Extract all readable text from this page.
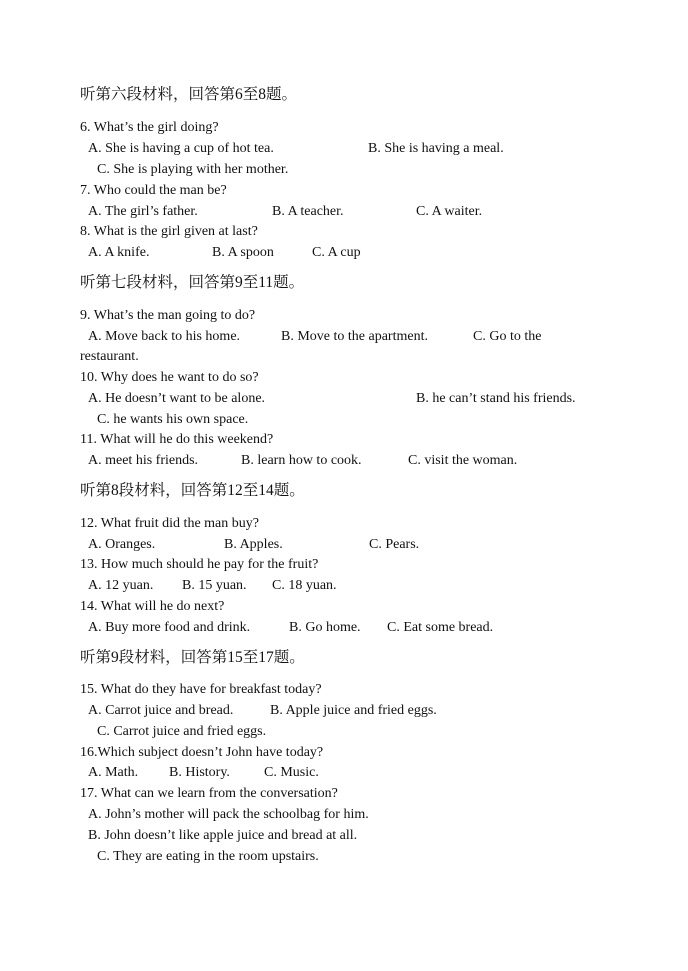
听第六段材料，回答第6至8题。
6. What’s the girl doing?
A. She is having a cup of hot tea.	B. She is having a meal.
C. She is playing with her mother.
7. Who could the man be?
A. The girl’s father.	B. A teacher.	C. A waiter.
8. What is the girl given at last?
A. A knife.	B. A spoon	C. A cup
听第七段材料，回答第9至11题。
9. What’s the man going to do?
A. Move back to his home.	B. Move to the apartment.	C. Go to the
restaurant.
10. Why does he want to do so?
A. He doesn’t want to be alone.	B. he can’t stand his friends.
C. he wants his own space.
11. What will he do this weekend?
A. meet his friends.	B. learn how to cook.	C. visit the woman.
听第8段材料，回答第12至14题。
12. What fruit did the man buy?
A. Oranges.	B. Apples.	C. Pears.
13. How much should he pay for the fruit?
A. 12 yuan. B. 15 yuan. C. 18 yuan.
14. What will he do next?
A. Buy more food and drink.	B. Go home. C. Eat some bread.
听第9段材料，回答第15至17题。
15. What do they have for breakfast today?
A. Carrot juice and bread.	B. Apple juice and fried eggs.
C. Carrot juice and fried eggs.
16.Which subject doesn’t John have today?
A. Math. B. History. C. Music.
17. What can we learn from the conversation?
A. John’s mother will pack the schoolbag for him.
B. John doesn’t like apple juice and bread at all.
C. They are eating in the room upstairs.
